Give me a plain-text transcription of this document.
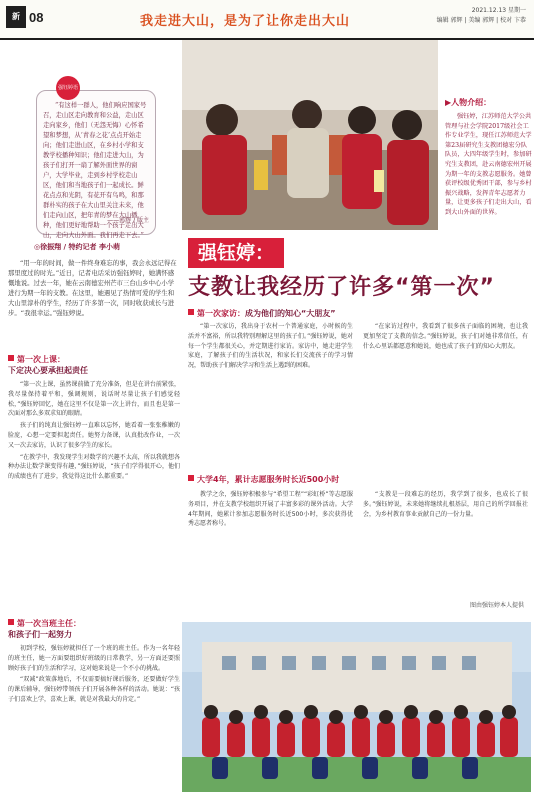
新 08	我走进大山，是为了让你走出大山
2021.12.13 星期一
编辑 郭辉 | 美编 郭辉 | 校对 卞恭
强钰婷语
“有这样一群人，他们响应国家号召，走山区走向教育和公益，走山区走向家乡，他们（无怨无悔）心怀希望和梦想，从‘青春之花’点点开始走向；他们走进山区，在乡村小学和支教学校播种知识；他们走进大山，为孩子们打开一扇了解外面世界的窗户，大学毕业，走到乡村学校走山区，他们和当地孩子们一起成长。鲜花点点和光阴，有花开有鸟鸣，和那群朴实的孩子在大山里关注未来，他们走向山区，把年青的梦在大山播种，他们更好地帮助一个孩子走出大山，走向大山外面。我们再走下去。”
——郭辉 / 版主
◎徐振翔 / 特约记者 李小萌
▶人物介绍：
强钰婷，江苏师范大学公共管理与社会学院2017级社会工作专业学生，现任江苏师范大学第23届研究生支教团德宏分队队员，大四年级学生时，参加研究生支教团，赴云南德宏州开展为期一年的支教志愿服务。她曾获评校级优秀团干部，参与乡村振兴战略，发挥青年志愿者力量，让更多孩子们走出大山，看到大山外面的世界。
强钰婷：
支教让我经历了许多“第一次”
“用一年的时间，做一件终身难忘的事，我会永远记得在那里度过的时光。”近日，记者电话采访强钰婷时，她满怀感慨地说。过去一年，她在云南德宏州芒市三台山乡中心小学进行为期一年的支教。在这里，她遇见了热情可爱的学生和大山里淳朴的学生，经历了许多第一次，同时收获成长与进步。“我很幸运。”强钰婷说。
第一次上课：
下定决心要承担起责任

“第一次上课，虽然课前做了充分准备，但是在讲台前紧张，我尽量保持着平和，强调规则，说话时尽量让孩子们感觉轻松，”强钰婷回忆，她在这里不仅是第一次上讲台，而且也是第一次面对那么多双求知的眼睛。

孩子们的纯真让强钰婷一直难以忘怀，她看着一张张稚嫩的脸庞，心想一定要担起责任。她努力备课，认真批改作业，一次又一次去家访，认识了很多学生的家长。

“在教学中，我发现学生对数学的兴趣不太高，所以我就想各种办法让数学课变得有趣，”强钰婷说，“孩子们学得很开心，他们的成绩也有了进步，我觉得这比什么都重要。”

第一次当班主任：
和孩子们一起努力

初到学校，强钰婷就担任了一个班的班主任。作为一名年轻的班主任，她一方面要组织好班级的日常教学，另一方面还要照顾好孩子们的生活和学习，这对她来说是一个不小的挑战。

“双减”政策落地后，不仅需要搞好课后服务，还要做好学生的课后辅导，强钰婷带领孩子们开展各种各样的活动。她说：“孩子们喜欢上学，喜欢上课，就是对我最大的肯定。”

第一次家访：成为他们的知心“大朋友”

“第一次家访，我出身于农村一个普通家庭，小时候的生活并不富裕，所以我特别理解这里的孩子们。”强钰婷说，她对每一个学生都很关心，并定期进行家访。家访中，她走进学生家庭，了解孩子们的生活状况，和家长们交流孩子的学习情况，帮助孩子们解决学习和生活上遇到的困难。

“在家访过程中，我看到了很多孩子面临的困境，也让我更加坚定了支教的信念。”强钰婷说，孩子们对她非常信任，有什么心里话都愿意和她说，她也成了孩子们的知心大朋友。

大学4年，累计志愿服务时长近500小时

教学之余，强钰婷积极参与“希望工程”“彩虹桥”等志愿服务项目，并在支教学校组织开展了丰富多彩的课外活动。大学4年期间，她累计参加志愿服务时长近500小时，多次获得优秀志愿者称号。

“支教是一段难忘的经历，我学到了很多，也成长了很多。”强钰婷说，未来她将继续扎根基层，用自己的所学回报社会，为乡村教育事业贡献自己的一份力量。

图由强钰婷本人提供
